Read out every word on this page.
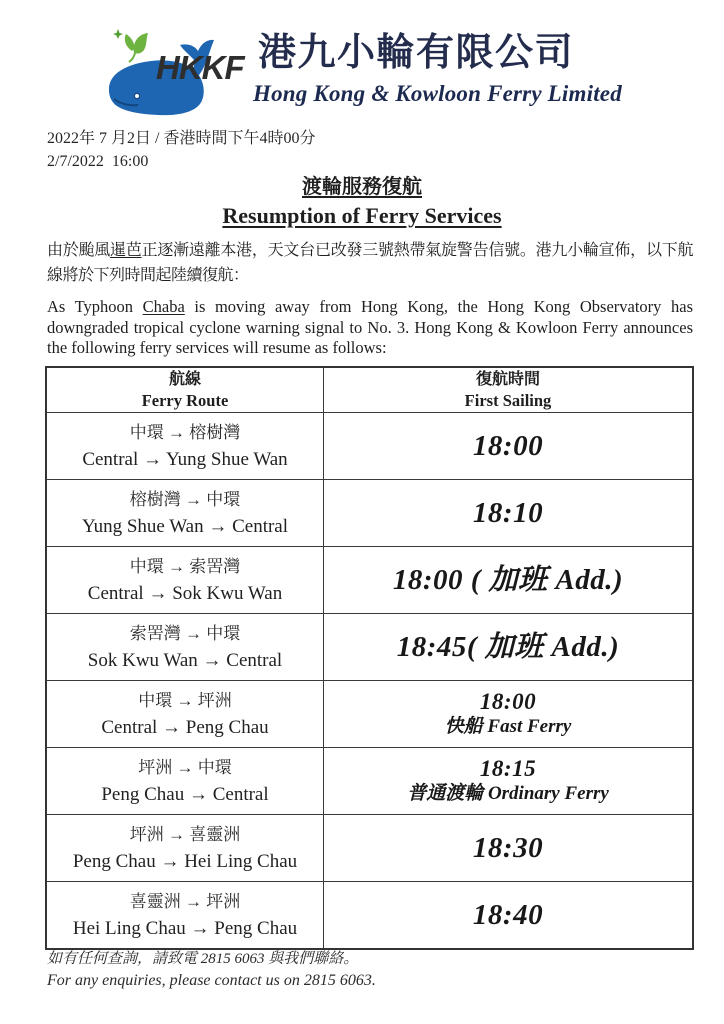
HKKF 港九小輪有限公司
Hong Kong & Kowloon Ferry Limited
2022年 7 月2日 / 香港時間下午4時00分
2/7/2022  16:00
渡輪服務復航
Resumption of Ferry Services
由於颱風暹芭正逐漸遠離本港，天文台已改發三號熱帶氣旋警告信號。港九小輪宣佈，以下航線將於下列時間起陸續復航：
As Typhoon Chaba is moving away from Hong Kong, the Hong Kong Observatory has downgraded tropical cyclone warning signal to No. 3. Hong Kong & Kowloon Ferry announces the following ferry services will resume as follows:
航線
Ferry Route
復航時間
First Sailing
中環 → 榕樹灣
Central → Yung Shue Wan	18:00
榕樹灣 → 中環
Yung Shue Wan → Central	18:10
中環 → 索罟灣
Central → Sok Kwu Wan	18:00 ( 加班 Add.)
索罟灣 → 中環
Sok Kwu Wan → Central	18:45( 加班 Add.)
中環 → 坪洲
Central → Peng Chau
18:00
快船 Fast Ferry
坪洲 → 中環
Peng Chau → Central
18:15
普通渡輪 Ordinary Ferry
坪洲 → 喜靈洲
Peng Chau → Hei Ling Chau	18:30
喜靈洲 → 坪洲
Hei Ling Chau → Peng Chau	18:40
如有任何查詢，請致電 2815 6063 與我們聯絡。
For any enquiries, please contact us on 2815 6063.
